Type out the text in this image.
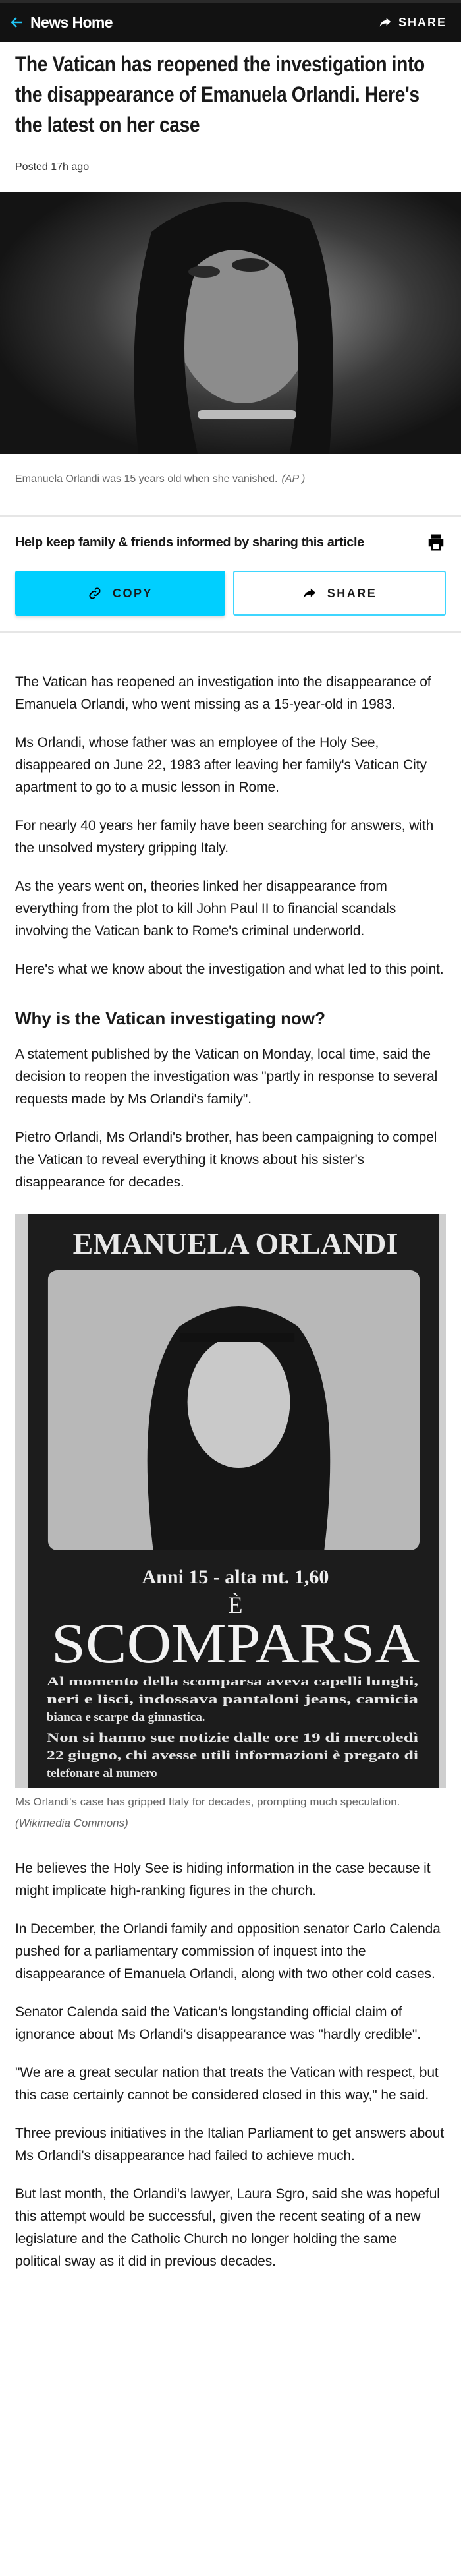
News Home	SHARE
The Vatican has reopened the investigation into the disappearance of Emanuela Orlandi. Here's the latest on her case
Posted 17h ago
Emanuela Orlandi was 15 years old when she vanished. (AP )
Help keep family & friends informed by sharing this article
COPY	SHARE

The Vatican has reopened an investigation into the disappearance of Emanuela Orlandi, who went missing as a 15-year-old in 1983.

Ms Orlandi, whose father was an employee of the Holy See, disappeared on June 22, 1983 after leaving her family's Vatican City apartment to go to a music lesson in Rome.

For nearly 40 years her family have been searching for answers, with the unsolved mystery gripping Italy.

As the years went on, theories linked her disappearance from everything from the plot to kill John Paul II to financial scandals involving the Vatican bank to Rome's criminal underworld.

Here's what we know about the investigation and what led to this point.

Why is the Vatican investigating now?

A statement published by the Vatican on Monday, local time, said the decision to reopen the investigation was "partly in response to several requests made by Ms Orlandi's family".

Pietro Orlandi, Ms Orlandi's brother, has been campaigning to compel the Vatican to reveal everything it knows about his sister's disappearance for decades.

EMANUELA ORLANDI
Anni 15 - alta mt. 1,60
È
SCOMPARSA
Al momento della scomparsa aveva capelli lunghi,
neri e lisci, indossava pantaloni jeans, camicia
bianca e scarpe da ginnastica.
Non si hanno sue notizie dalle ore 19 di mercoledì
22 giugno, chi avesse utili informazioni è pregato di
telefonare al numero
Ms Orlandi's case has gripped Italy for decades, prompting much speculation. (Wikimedia Commons)

He believes the Holy See is hiding information in the case because it might implicate high-ranking figures in the church.

In December, the Orlandi family and opposition senator Carlo Calenda pushed for a parliamentary commission of inquest into the disappearance of Emanuela Orlandi, along with two other cold cases.

Senator Calenda said the Vatican's longstanding official claim of ignorance about Ms Orlandi's disappearance was "hardly credible".

"We are a great secular nation that treats the Vatican with respect, but this case certainly cannot be considered closed in this way," he said.

Three previous initiatives in the Italian Parliament to get answers about Ms Orlandi's disappearance had failed to achieve much.

But last month, the Orlandi's lawyer, Laura Sgro, said she was hopeful this attempt would be successful, given the recent seating of a new legislature and the Catholic Church no longer holding the same political sway as it did in previous decades.
